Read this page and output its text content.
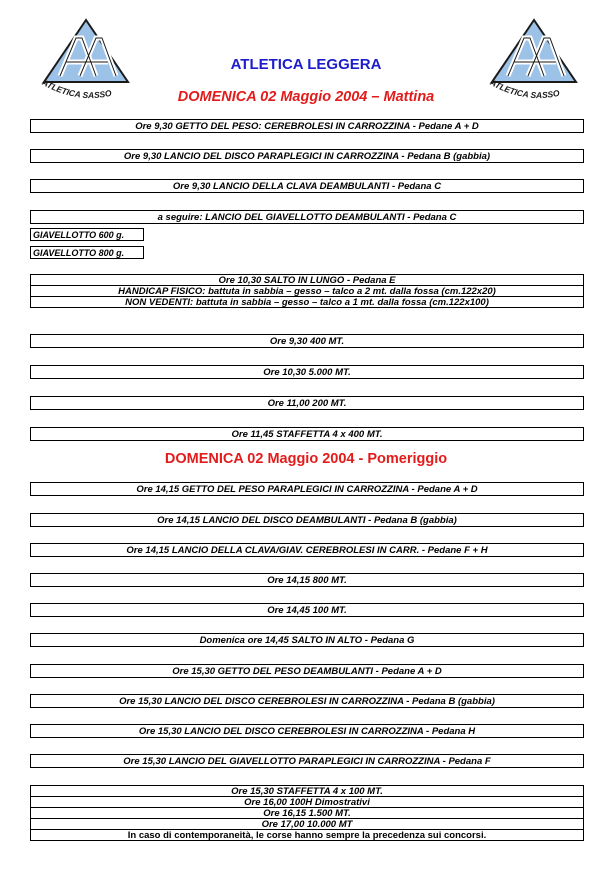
ATLETICA SASSO
ATLETICA SASSO
ATLETICA LEGGERA
DOMENICA 02 Maggio 2004 – Mattina
Ore 9,30 GETTO DEL PESO: CEREBROLESI IN CARROZZINA - Pedane A + D
Ore 9,30 LANCIO DEL DISCO PARAPLEGICI IN CARROZZINA - Pedana B (gabbia)
Ore 9,30 LANCIO DELLA CLAVA DEAMBULANTI - Pedana C
a seguire: LANCIO DEL GIAVELLOTTO DEAMBULANTI - Pedana C
GIAVELLOTTO 600 g.
GIAVELLOTTO 800 g.
Ore 10,30 SALTO IN LUNGO - Pedana E
HANDICAP FISICO: battuta in sabbia – gesso – talco a 2 mt. dalla fossa (cm.122x20)
NON VEDENTI: battuta in sabbia – gesso – talco a 1 mt. dalla fossa (cm.122x100)
Ore 9,30 400 MT.
Ore 10,30 5.000 MT.
Ore 11,00 200 MT.
Ore 11,45 STAFFETTA 4 x 400 MT.
DOMENICA 02 Maggio 2004 - Pomeriggio
Ore 14,15 GETTO DEL PESO PARAPLEGICI IN CARROZZINA - Pedane A + D
Ore 14,15 LANCIO DEL DISCO DEAMBULANTI - Pedana B (gabbia)
Ore 14,15 LANCIO DELLA CLAVA/GIAV. CEREBROLESI IN CARR. - Pedane F + H
Ore 14,15 800 MT.
Ore 14,45 100 MT.
Domenica ore 14,45 SALTO IN ALTO - Pedana G
Ore 15,30 GETTO DEL PESO DEAMBULANTI - Pedane A + D
Ore 15,30 LANCIO DEL DISCO CEREBROLESI IN CARROZZINA - Pedana B (gabbia)
Ore 15,30 LANCIO DEL DISCO CEREBROLESI IN CARROZZINA - Pedana H
Ore 15,30 LANCIO DEL GIAVELLOTTO PARAPLEGICI IN CARROZZINA - Pedana F
Ore 15,30 STAFFETTA 4 x 100 MT.
Ore 16,00 100H Dimostrativi
Ore 16,15 1.500 MT.
Ore 17,00 10.000 MT
In caso di contemporaneità, le corse hanno sempre la precedenza sui concorsi.
